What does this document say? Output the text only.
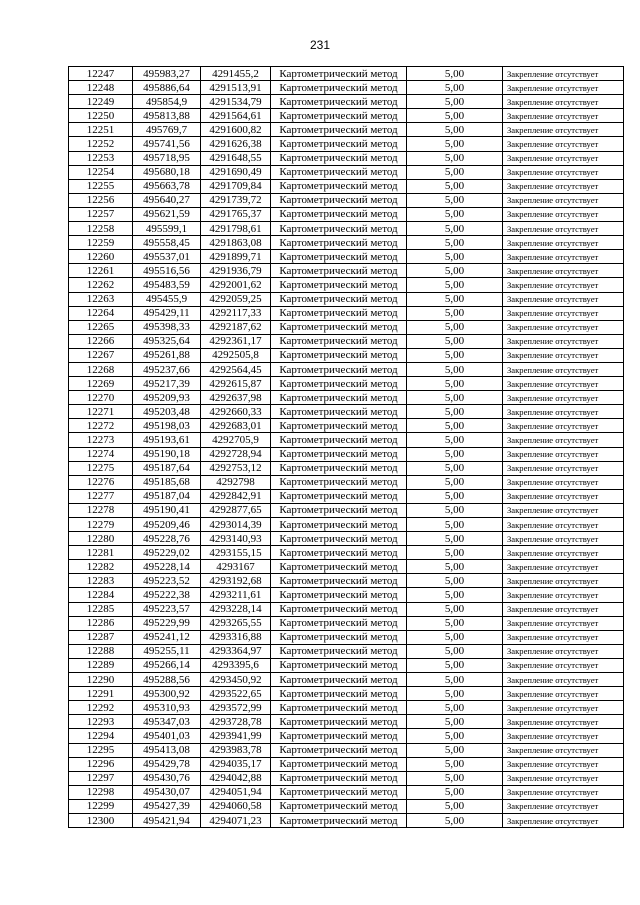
231
12247	495983,27	4291455,2	Картометрический метод	5,00	Закрепление отсутствует
12248	495886,64	4291513,91	Картометрический метод	5,00	Закрепление отсутствует
12249	495854,9	4291534,79	Картометрический метод	5,00	Закрепление отсутствует
12250	495813,88	4291564,61	Картометрический метод	5,00	Закрепление отсутствует
12251	495769,7	4291600,82	Картометрический метод	5,00	Закрепление отсутствует
12252	495741,56	4291626,38	Картометрический метод	5,00	Закрепление отсутствует
12253	495718,95	4291648,55	Картометрический метод	5,00	Закрепление отсутствует
12254	495680,18	4291690,49	Картометрический метод	5,00	Закрепление отсутствует
12255	495663,78	4291709,84	Картометрический метод	5,00	Закрепление отсутствует
12256	495640,27	4291739,72	Картометрический метод	5,00	Закрепление отсутствует
12257	495621,59	4291765,37	Картометрический метод	5,00	Закрепление отсутствует
12258	495599,1	4291798,61	Картометрический метод	5,00	Закрепление отсутствует
12259	495558,45	4291863,08	Картометрический метод	5,00	Закрепление отсутствует
12260	495537,01	4291899,71	Картометрический метод	5,00	Закрепление отсутствует
12261	495516,56	4291936,79	Картометрический метод	5,00	Закрепление отсутствует
12262	495483,59	4292001,62	Картометрический метод	5,00	Закрепление отсутствует
12263	495455,9	4292059,25	Картометрический метод	5,00	Закрепление отсутствует
12264	495429,11	4292117,33	Картометрический метод	5,00	Закрепление отсутствует
12265	495398,33	4292187,62	Картометрический метод	5,00	Закрепление отсутствует
12266	495325,64	4292361,17	Картометрический метод	5,00	Закрепление отсутствует
12267	495261,88	4292505,8	Картометрический метод	5,00	Закрепление отсутствует
12268	495237,66	4292564,45	Картометрический метод	5,00	Закрепление отсутствует
12269	495217,39	4292615,87	Картометрический метод	5,00	Закрепление отсутствует
12270	495209,93	4292637,98	Картометрический метод	5,00	Закрепление отсутствует
12271	495203,48	4292660,33	Картометрический метод	5,00	Закрепление отсутствует
12272	495198,03	4292683,01	Картометрический метод	5,00	Закрепление отсутствует
12273	495193,61	4292705,9	Картометрический метод	5,00	Закрепление отсутствует
12274	495190,18	4292728,94	Картометрический метод	5,00	Закрепление отсутствует
12275	495187,64	4292753,12	Картометрический метод	5,00	Закрепление отсутствует
12276	495185,68	4292798	Картометрический метод	5,00	Закрепление отсутствует
12277	495187,04	4292842,91	Картометрический метод	5,00	Закрепление отсутствует
12278	495190,41	4292877,65	Картометрический метод	5,00	Закрепление отсутствует
12279	495209,46	4293014,39	Картометрический метод	5,00	Закрепление отсутствует
12280	495228,76	4293140,93	Картометрический метод	5,00	Закрепление отсутствует
12281	495229,02	4293155,15	Картометрический метод	5,00	Закрепление отсутствует
12282	495228,14	4293167	Картометрический метод	5,00	Закрепление отсутствует
12283	495223,52	4293192,68	Картометрический метод	5,00	Закрепление отсутствует
12284	495222,38	4293211,61	Картометрический метод	5,00	Закрепление отсутствует
12285	495223,57	4293228,14	Картометрический метод	5,00	Закрепление отсутствует
12286	495229,99	4293265,55	Картометрический метод	5,00	Закрепление отсутствует
12287	495241,12	4293316,88	Картометрический метод	5,00	Закрепление отсутствует
12288	495255,11	4293364,97	Картометрический метод	5,00	Закрепление отсутствует
12289	495266,14	4293395,6	Картометрический метод	5,00	Закрепление отсутствует
12290	495288,56	4293450,92	Картометрический метод	5,00	Закрепление отсутствует
12291	495300,92	4293522,65	Картометрический метод	5,00	Закрепление отсутствует
12292	495310,93	4293572,99	Картометрический метод	5,00	Закрепление отсутствует
12293	495347,03	4293728,78	Картометрический метод	5,00	Закрепление отсутствует
12294	495401,03	4293941,99	Картометрический метод	5,00	Закрепление отсутствует
12295	495413,08	4293983,78	Картометрический метод	5,00	Закрепление отсутствует
12296	495429,78	4294035,17	Картометрический метод	5,00	Закрепление отсутствует
12297	495430,76	4294042,88	Картометрический метод	5,00	Закрепление отсутствует
12298	495430,07	4294051,94	Картометрический метод	5,00	Закрепление отсутствует
12299	495427,39	4294060,58	Картометрический метод	5,00	Закрепление отсутствует
12300	495421,94	4294071,23	Картометрический метод	5,00	Закрепление отсутствует
